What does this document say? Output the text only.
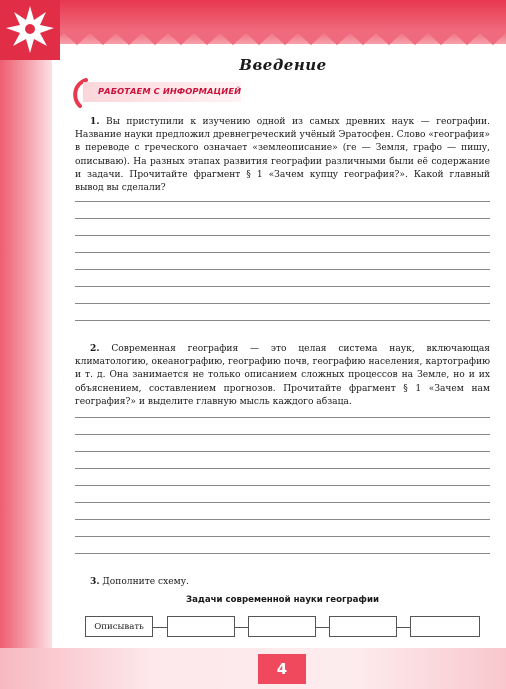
Введение
РАБОТАЕМ С ИНФОРМАЦИЕЙ
1. Вы приступили к изучению одной из самых древних наук — географии. Название науки предложил древнегреческий учёный Эратосфен. Слово «география» в переводе с греческого означает «землеописание» (ге — Земля, графо — пишу, описываю). На разных этапах развития географии различными были её содержание и задачи. Прочитайте фрагмент § 1 «Зачем купцу география?». Какой главный вывод вы сделали?
2. Современная география — это целая система наук, включающая климатологию, океанографию, географию почв, географию населения, картографию и т. д. Она занимается не только описанием сложных процессов на Земле, но и их объяснением, составлением прогнозов. Прочитайте фрагмент § 1 «Зачем нам география?» и выделите главную мысль каждого абзаца.
3. Дополните схему.
Задачи современной науки географии
Описывать
4
